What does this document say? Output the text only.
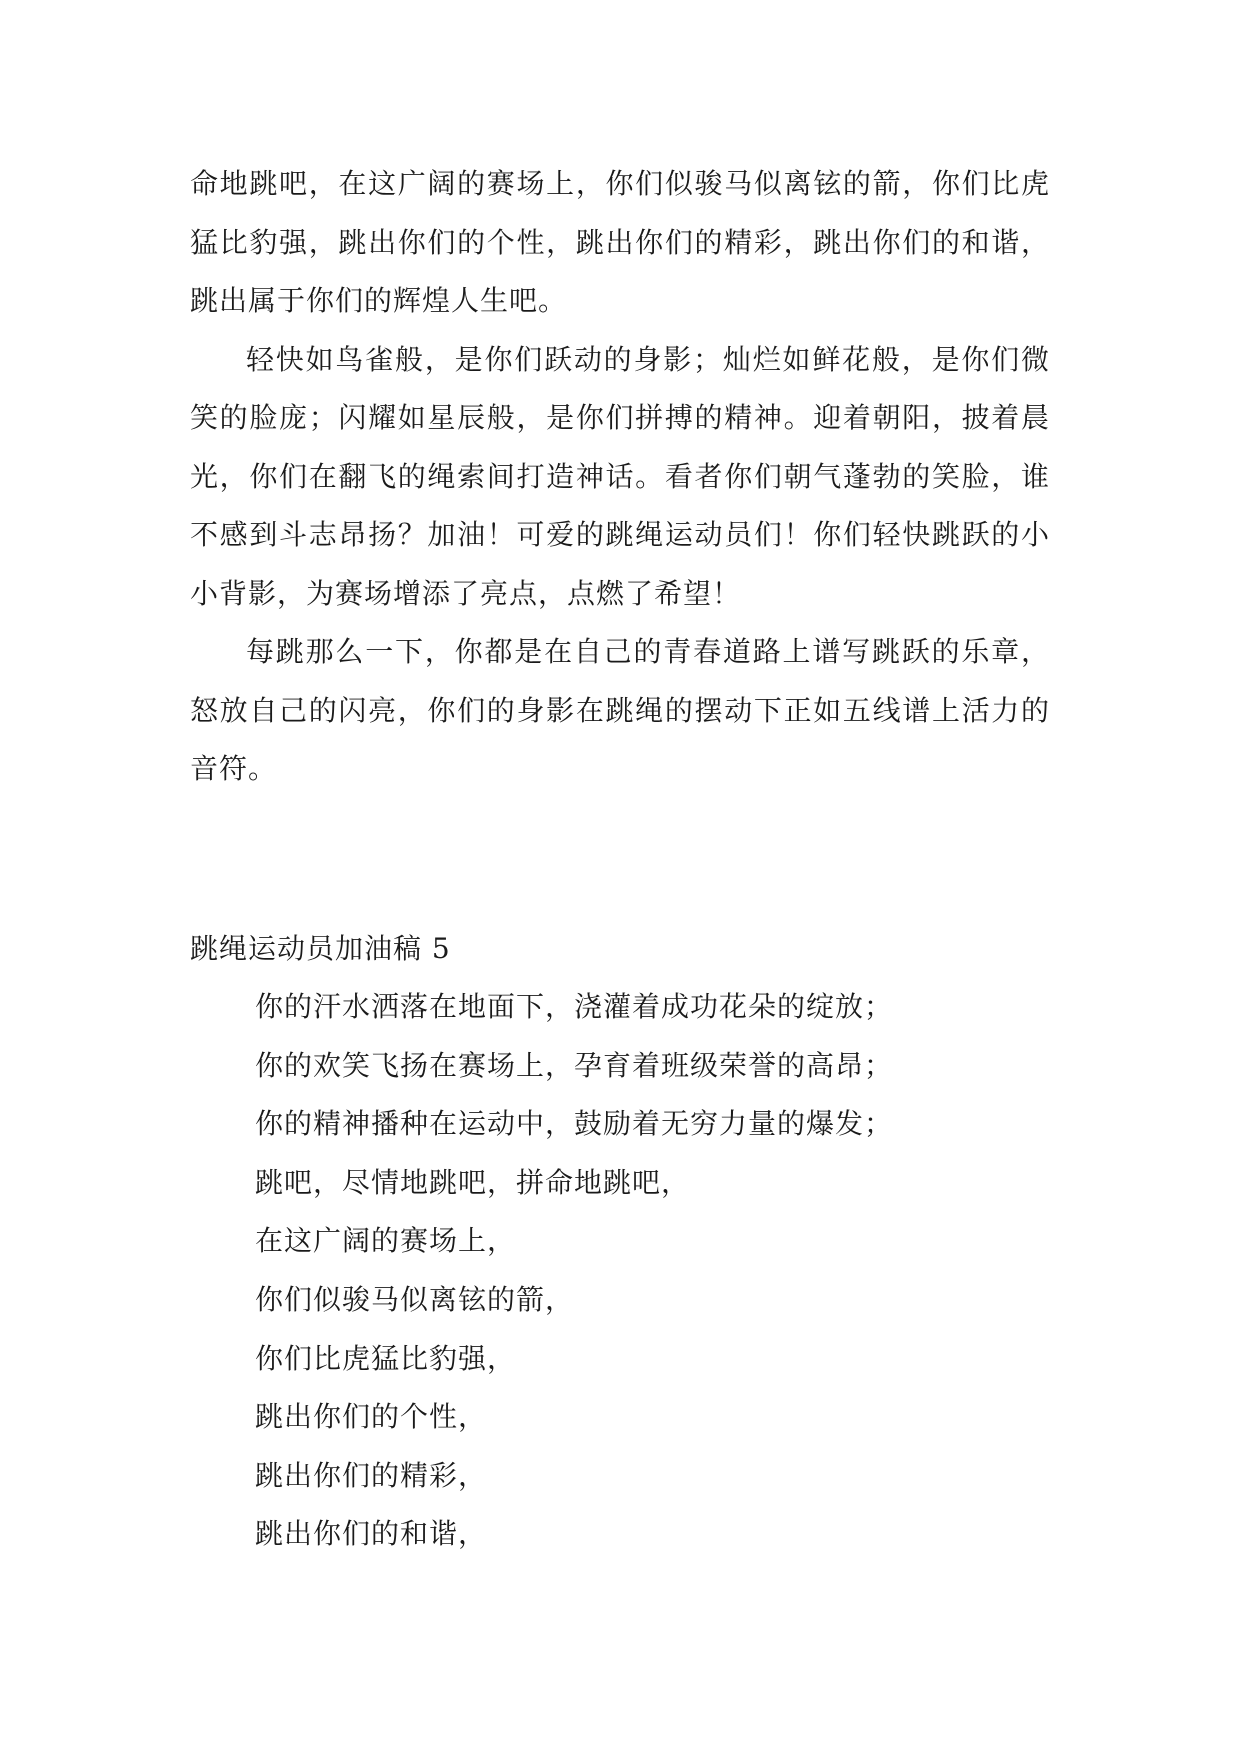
命地跳吧，在这广阔的赛场上，你们似骏马似离铉的箭，你们比虎猛比豹强，跳出你们的个性，跳出你们的精彩，跳出你们的和谐，跳出属于你们的辉煌人生吧。

轻快如鸟雀般，是你们跃动的身影；灿烂如鲜花般，是你们微笑的脸庞；闪耀如星辰般，是你们拼搏的精神。迎着朝阳，披着晨光，你们在翻飞的绳索间打造神话。看者你们朝气蓬勃的笑脸，谁不感到斗志昂扬？加油！可爱的跳绳运动员们！你们轻快跳跃的小小背影，为赛场增添了亮点，点燃了希望！

每跳那么一下，你都是在自己的青春道路上谱写跳跃的乐章，怒放自己的闪亮，你们的身影在跳绳的摆动下正如五线谱上活力的音符。

跳绳运动员加油稿 5

你的汗水洒落在地面下，浇灌着成功花朵的绽放；

你的欢笑飞扬在赛场上，孕育着班级荣誉的高昂；

你的精神播种在运动中，鼓励着无穷力量的爆发；

跳吧，尽情地跳吧，拼命地跳吧，

在这广阔的赛场上，

你们似骏马似离铉的箭，

你们比虎猛比豹强，

跳出你们的个性，

跳出你们的精彩，

跳出你们的和谐，
